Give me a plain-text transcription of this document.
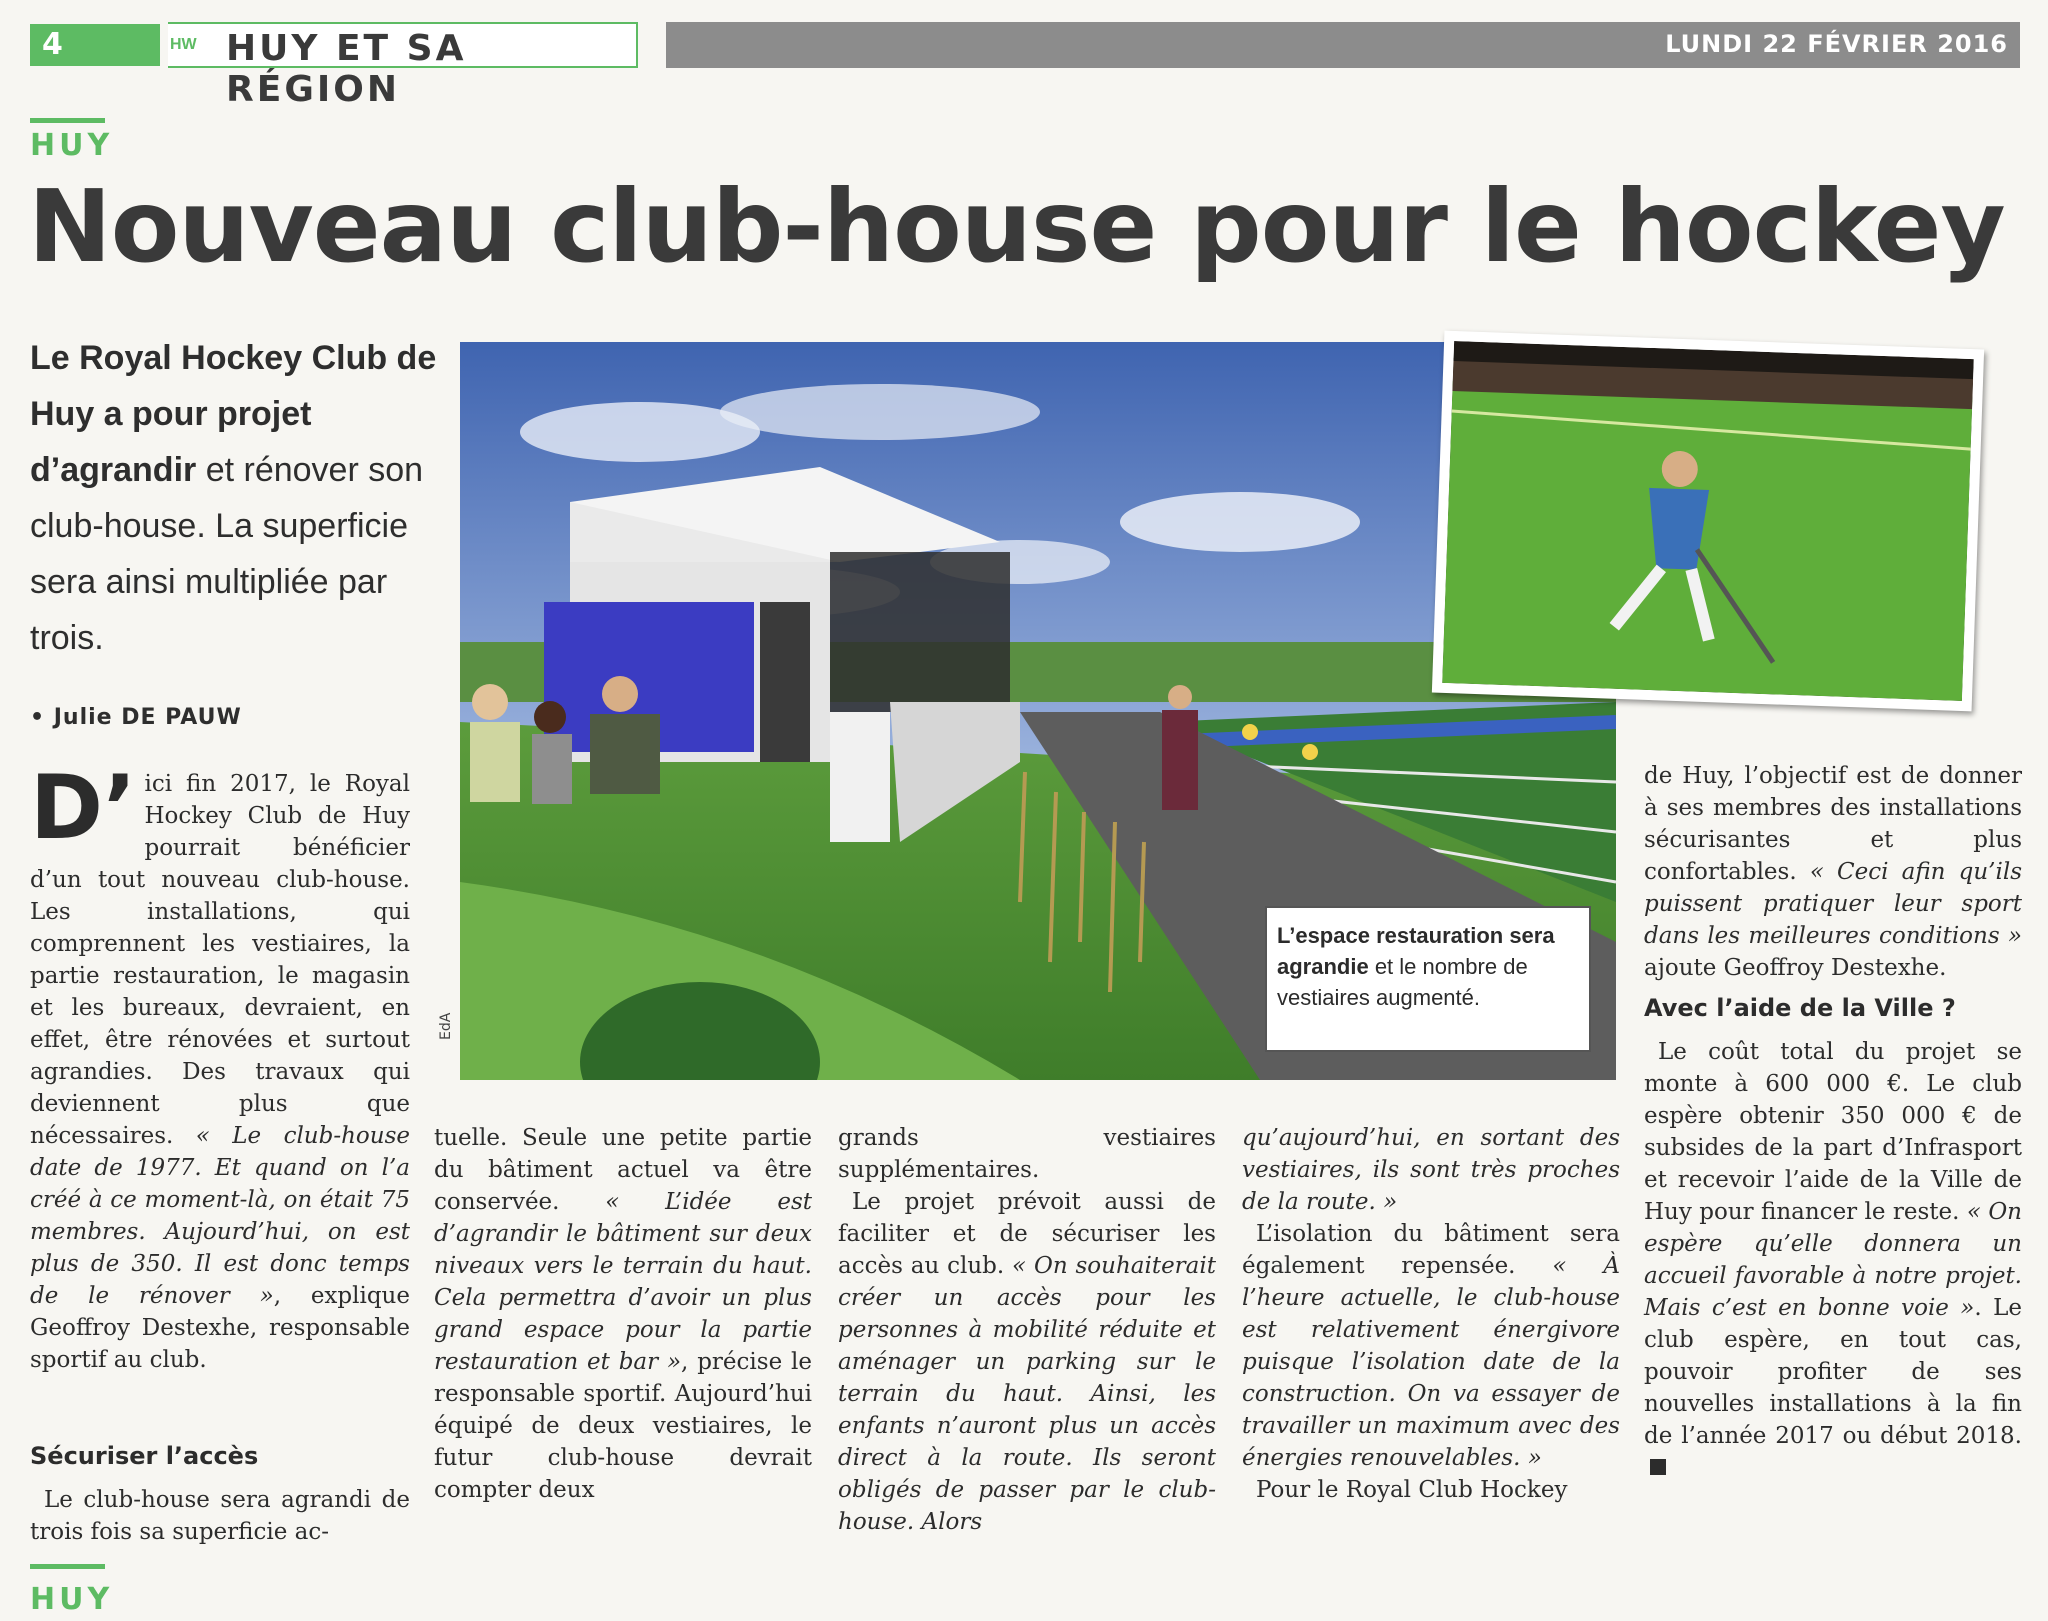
4	HW HUY ET SA RÉGION
LUNDI 22 FÉVRIER 2016
HUY
Nouveau club-house pour le hockey
Le Royal Hockey Club de Huy a pour projet d’agrandir et rénover son club-house. La superficie sera ainsi multipliée par trois.
• Julie DE PAUW
L’espace restauration sera agrandie et le nombre de vestiaires augmenté.
EdA

D’ ici fin 2017, le Royal Hockey Club de Huy pourrait bénéficier d’un tout nouveau club-house. Les installations, qui comprennent les vestiaires, la partie restauration, le magasin et les bureaux, devraient, en effet, être rénovées et surtout agrandies. Des travaux qui deviennent plus que nécessaires. « Le club-house date de 1977. Et quand on l’a créé à ce moment-là, on était 75 membres. Aujourd’hui, on est plus de 350. Il est donc temps de le rénover », explique Geoffroy Destexhe, responsable sportif au club.

Sécuriser l’accès

Le club-house sera agrandi de trois fois sa superficie ac-

tuelle. Seule une petite partie du bâtiment actuel va être conservée. « L’idée est d’agrandir le bâtiment sur deux niveaux vers le terrain du haut. Cela permettra d’avoir un plus grand espace pour la partie restauration et bar », précise le responsable sportif. Aujourd’hui équipé de deux vestiaires, le futur club-house devrait compter deux

grands vestiaires supplémentaires.

Le projet prévoit aussi de faciliter et de sécuriser les accès au club. « On souhaiterait créer un accès pour les personnes à mobilité réduite et aménager un parking sur le terrain du haut. Ainsi, les enfants n’auront plus un accès direct à la route. Ils seront obligés de passer par le club-house. Alors

qu’aujourd’hui, en sortant des vestiaires, ils sont très proches de la route. »

L’isolation du bâtiment sera également repensée. « À l’heure actuelle, le club-house est relativement énergivore puisque l’isolation date de la construction. On va essayer de travailler un maximum avec des énergies renouvelables. »

Pour le Royal Club Hockey

de Huy, l’objectif est de donner à ses membres des installations sécurisantes et plus confortables. « Ceci afin qu’ils puissent pratiquer leur sport dans les meilleures conditions » ajoute Geoffroy Destexhe.

Avec l’aide de la Ville ?

Le coût total du projet se monte à 600 000 €. Le club espère obtenir 350 000 € de subsides de la part d’Infrasport et recevoir l’aide de la Ville de Huy pour financer le reste. « On espère qu’elle donnera un accueil favorable à notre projet. Mais c’est en bonne voie ». Le club espère, en tout cas, pouvoir profiter de ses nouvelles installations à la fin de l’année 2017 ou début 2018.

HUY
